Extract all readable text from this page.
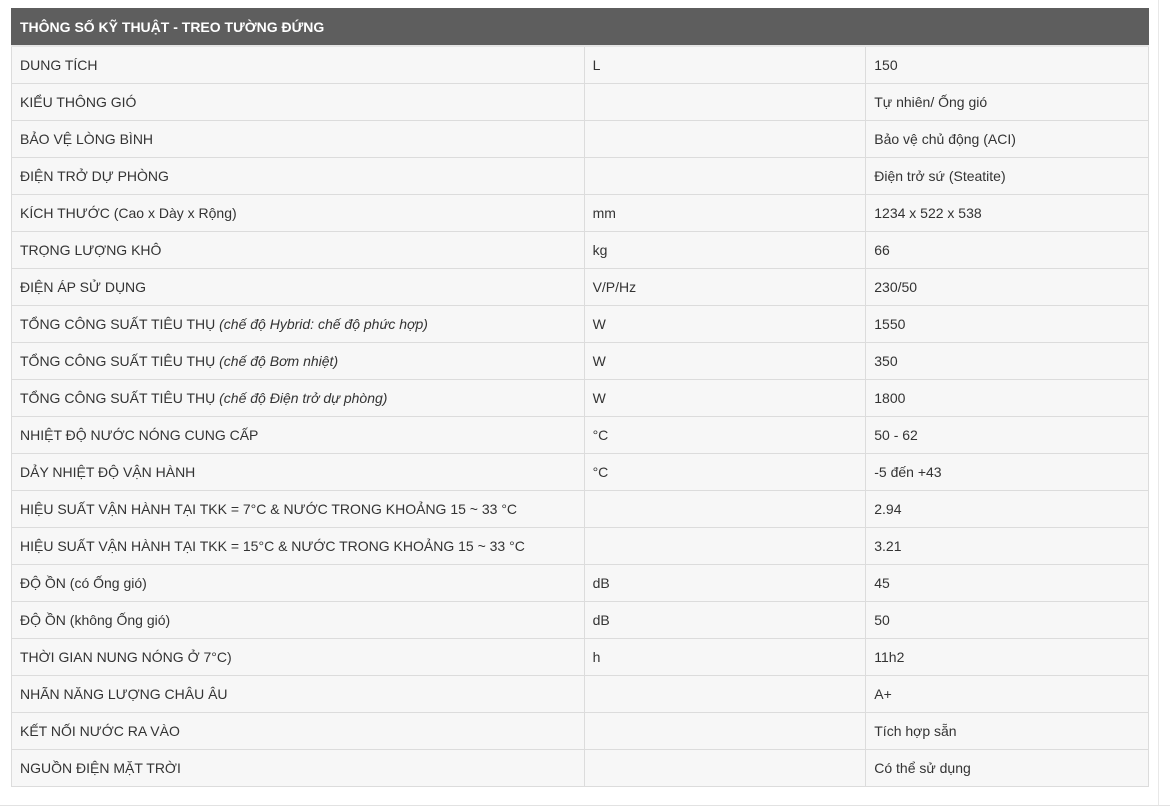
THÔNG SỐ KỸ THUẬT - TREO TƯỜNG ĐỨNG		
DUNG TÍCH	L	150
KIỂU THÔNG GIÓ		Tự nhiên/ Ống gió
BẢO VỆ LÒNG BÌNH		Bảo vệ chủ động (ACI)
ĐIỆN TRỞ DỰ PHÒNG		Điện trở sứ (Steatite)
KÍCH THƯỚC (Cao x Dày x Rộng)	mm	1234 x 522 x 538
TRỌNG LƯỢNG KHÔ	kg	66
ĐIỆN ÁP SỬ DỤNG	V/P/Hz	230/50
TỔNG CÔNG SUẤT TIÊU THỤ (chế độ Hybrid: chế độ phức hợp)	W	1550
TỔNG CÔNG SUẤT TIÊU THỤ (chế độ Bơm nhiệt)	W	350
TỔNG CÔNG SUẤT TIÊU THỤ (chế độ Điện trở dự phòng)	W	1800
NHIỆT ĐỘ NƯỚC NÓNG CUNG CẤP	°C	50 - 62
DẢY NHIỆT ĐỘ VẬN HÀNH	°C	-5 đến +43
HIỆU SUẤT VẬN HÀNH TẠI TKK = 7°C & NƯỚC TRONG KHOẢNG 15 ~ 33 °C		2.94
HIỆU SUẤT VẬN HÀNH TẠI TKK = 15°C & NƯỚC TRONG KHOẢNG 15 ~ 33 °C		3.21
ĐỘ ỒN (có Ống gió)	dB	45
ĐỘ ỒN (không Ống gió)	dB	50
THỜI GIAN NUNG NÓNG Ở 7°C)	h	11h2
NHÃN NĂNG LƯỢNG CHÂU ÂU		A+
KẾT NỐI NƯỚC RA VÀO		Tích hợp sẵn
NGUỒN ĐIỆN MẶT TRỜI		Có thể sử dụng
